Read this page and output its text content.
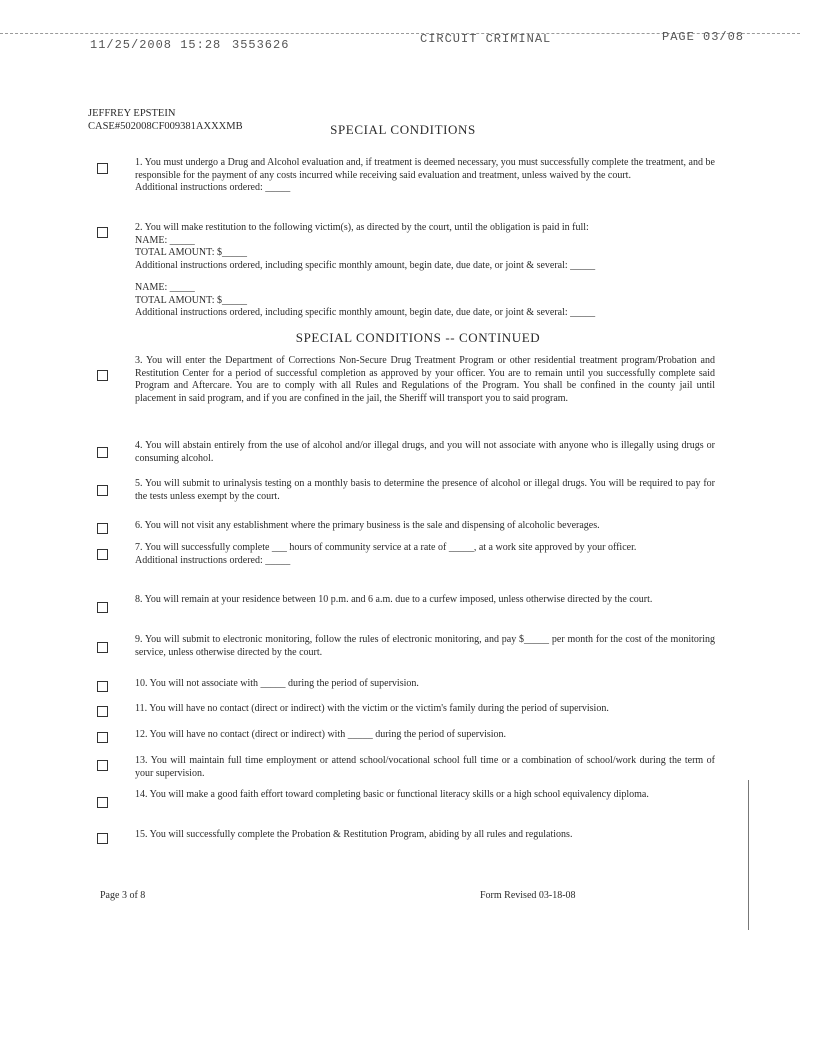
11/25/2008 15:28 3553626	CIRCUIT CRIMINAL	PAGE 03/08
JEFFREY EPSTEIN
CASE#502008CF009381AXXXMB	SPECIAL CONDITIONS
SPECIAL CONDITIONS -- CONTINUED

1. You must undergo a Drug and Alcohol evaluation and, if treatment is deemed necessary, you must successfully complete the treatment, and be responsible for the payment of any costs incurred while receiving said evaluation and treatment, unless waived by the court.

Additional instructions ordered: _____

2. You will make restitution to the following victim(s), as directed by the court, until the obligation is paid in full:

NAME: _____

TOTAL AMOUNT: $_____

Additional instructions ordered, including specific monthly amount, begin date, due date, or joint & several: _____

NAME: _____

TOTAL AMOUNT: $_____

Additional instructions ordered, including specific monthly amount, begin date, due date, or joint & several: _____

3. You will enter the Department of Corrections Non-Secure Drug Treatment Program or other residential treatment program/Probation and Restitution Center for a period of successful completion as approved by your officer. You are to remain until you successfully complete said Program and Aftercare. You are to comply with all Rules and Regulations of the Program. You shall be confined in the county jail until placement in said program, and if you are confined in the jail, the Sheriff will transport you to said program.

4. You will abstain entirely from the use of alcohol and/or illegal drugs, and you will not associate with anyone who is illegally using drugs or consuming alcohol.

5. You will submit to urinalysis testing on a monthly basis to determine the presence of alcohol or illegal drugs. You will be required to pay for the tests unless exempt by the court.

6. You will not visit any establishment where the primary business is the sale and dispensing of alcoholic beverages.

7. You will successfully complete ___ hours of community service at a rate of _____, at a work site approved by your officer.

Additional instructions ordered: _____

8. You will remain at your residence between 10 p.m. and 6 a.m. due to a curfew imposed, unless otherwise directed by the court.

9. You will submit to electronic monitoring, follow the rules of electronic monitoring, and pay $_____ per month for the cost of the monitoring service, unless otherwise directed by the court.

10. You will not associate with _____ during the period of supervision.

11. You will have no contact (direct or indirect) with the victim or the victim's family during the period of supervision.

12. You will have no contact (direct or indirect) with _____ during the period of supervision.

13. You will maintain full time employment or attend school/vocational school full time or a combination of school/work during the term of your supervision.

14. You will make a good faith effort toward completing basic or functional literacy skills or a high school equivalency diploma.

15. You will successfully complete the Probation & Restitution Program, abiding by all rules and regulations.

Page 3 of 8	Form Revised 03-18-08
